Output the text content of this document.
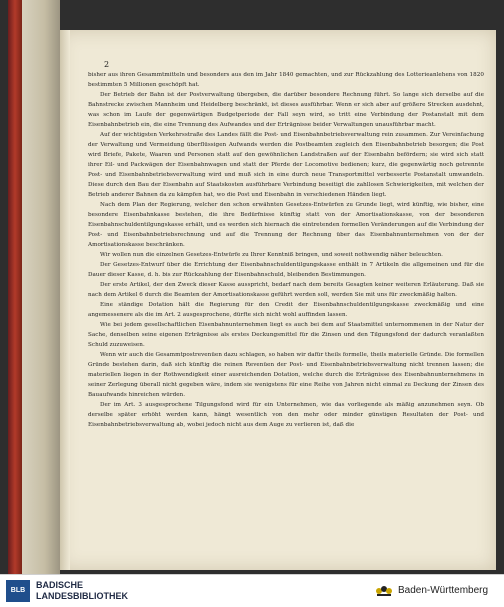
2

bisher aus ihren Gesammtmitteln und besonders aus den im Jahr 1840 gemachten, und zur Rückzahlung des Lotterieanlehens von 1820 bestimmten 5 Millionen geschöpft hat.

Der Betrieb der Bahn ist der Postverwaltung übergeben, die darüber besondere Rechnung führt. So lange sich derselbe auf die Bahnstrecke zwischen Mannheim und Heidelberg beschränkt, ist dieses ausführbar. Wenn er sich aber auf größere Strecken ausdehnt, was schon im Laufe der gegenwärtigen Budgetperiode der Fall seyn wird, so tritt eine Verbindung der Postanstalt mit dem Eisenbahnbetrieb ein, die eine Trennung des Aufwandes und der Erträgnisse beider Verwaltungen unausführbar macht.

Auf der wichtigsten Verkehrsstraße des Landes fällt die Post- und Eisenbahnbetriebsverwaltung rein zusammen. Zur Vereinfachung der Verwaltung und Vermeidung überflüssigen Aufwands werden die Postbeamten zugleich den Eisenbahnbetrieb besorgen; die Post wird Briefe, Pakete, Waaren und Personen statt auf den gewöhnlichen Landstraßen auf der Eisenbahn befördern; sie wird sich statt ihrer Eil- und Packwägen der Eisenbahnwagen und statt der Pferde der Locomotive bedienen; kurz, die gegenwärtig noch getrennte Post- und Eisenbahnbetriebsverwaltung wird und muß sich in eine durch neue Transportmittel verbesserte Postanstalt umwandeln. Diese durch den Bau der Eisenbahn auf Staatskosten ausführbare Verbindung beseitigt die zahllosen Schwierigkeiten, mit welchen der Betrieb anderer Bahnen da zu kämpfen hat, wo die Post und Eisenbahn in verschiedenen Händen liegt.

Nach dem Plan der Regierung, welcher den schon erwähnten Gesetzes-Entwürfen zu Grunde liegt, wird künftig, wie bisher, eine besondere Eisenbahnkasse bestehen, die ihre Bedürfnisse künftig statt von der Amortisationskasse, von der besonderen Eisenbahnschuldentilgungskasse erhält, und es werden sich hiernach die eintretenden formellen Veränderungen auf die Verbindung der Post- und Eisenbahnbetriebsrechnung und auf die Trennung der Rechnung über das Eisenbahnunternehmen von der der Amortisationskasse beschränken.

Wir wollen nun die einzelnen Gesetzes-Entwürfe zu Ihrer Kenntniß bringen, und soweit nothwendig näher beleuchten.

Der Gesetzes-Entwurf über die Errichtung der Eisenbahnschuldentilgungskasse enthält in 7 Artikeln die allgemeinen und für die Dauer dieser Kasse, d. h. bis zur Rückzahlung der Eisenbahnschuld, bleibenden Bestimmungen.

Der erste Artikel, der den Zweck dieser Kasse ausspricht, bedarf nach dem bereits Gesagten keiner weiteren Erläuterung. Daß sie nach dem Artikel 6 durch die Beamten der Amortisationskasse geführt werden soll, werden Sie mit uns für zweckmäßig halten.

Eine ständige Dotation hält die Regierung für den Credit der Eisenbahnschuldentilgungskasse zweckmäßig und eine angemessenere als die im Art. 2 ausgesprochene, dürfte sich nicht wohl auffinden lassen.

Wie bei jedem gesellschaftlichen Eisenbahnunternehmen liegt es auch bei dem auf Staatsmittel unternommenen in der Natur der Sache, denselben seine eigenen Erträgnisse als erstes Deckungsmittel für die Zinsen und den Tilgungsfond der dadurch veranlaßten Schuld zuzuweisen.

Wenn wir auch die Gesammtpostrevenüen dazu schlagen, so haben wir dafür theils formelle, theils materielle Gründe. Die formellen Gründe bestehen darin, daß sich künftig die reinen Revenüen der Post- und Eisenbahnbetriebsverwaltung nicht trennen lassen; die materiellen liegen in der Rothwendigkeit einer ausreichenden Dotation, welche durch die Erträgnisse des Eisenbahnunternehmens in seiner Zerlegung überall nicht gegeben wäre, indem sie wenigstens für eine Reihe von Jahren nicht einmal zu Deckung der Zinsen des Bauaufwands hinreichen würden.

Der im Art. 3 ausgesprochene Tilgungsfond wird für ein Unternehmen, wie das vorliegende als mäßig anzunehmen seyn. Ob derselbe später erhöht werden kann, hängt wesentlich von den mehr oder minder günstigen Resultaten der Post- und Eisenbahnbetriebsverwaltung ab, wobei jedoch nicht aus dem Auge zu verlieren ist, daß die

BLB
BADISCHE
LANDESBIBLIOTHEK	Baden-Württemberg
